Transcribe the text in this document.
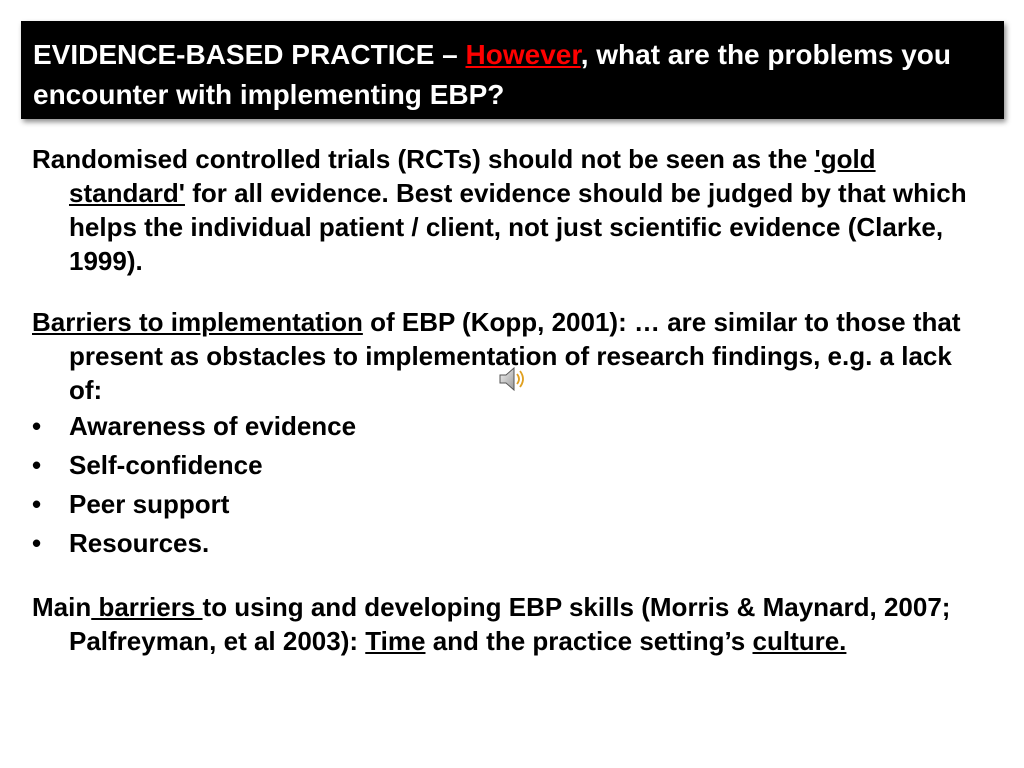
EVIDENCE-BASED PRACTICE – However, what are the problems you encounter with implementing EBP?

Randomised controlled trials (RCTs) should not be seen as the 'gold standard' for all evidence. Best evidence should be judged by that which helps the individual patient / client, not just scientific evidence (Clarke, 1999).

Barriers to implementation of EBP (Kopp, 2001): … are similar to those that present as obstacles to implementation of research findings, e.g. a lack of:

•	Awareness of evidence
•	Self-confidence
•	Peer support
•	Resources.

Main barriers to using and developing EBP skills (Morris & Maynard, 2007; Palfreyman, et al 2003): Time and the practice setting’s culture.
